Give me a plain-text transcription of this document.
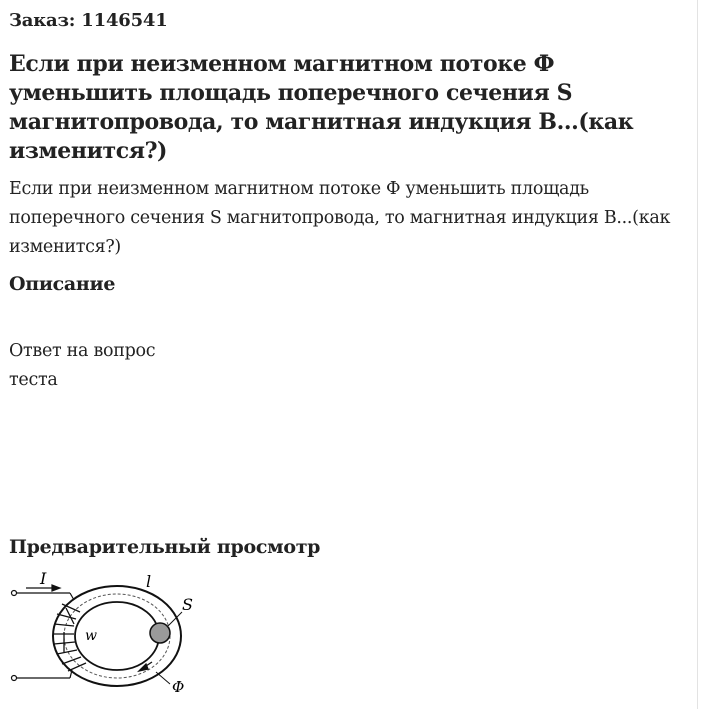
Заказ: 1146541
Если при неизменном магнитном потоке Ф уменьшить площадь поперечного сечения S магнитопровода, то магнитная индукция B...(как изменится?)

Если при неизменном магнитном потоке Ф уменьшить площадь поперечного сечения S магнитопровода, то магнитная индукция B...(как изменится?)

Описание

Ответ на вопрос теста

Предварительный просмотр
I	l
S
w
Φ
